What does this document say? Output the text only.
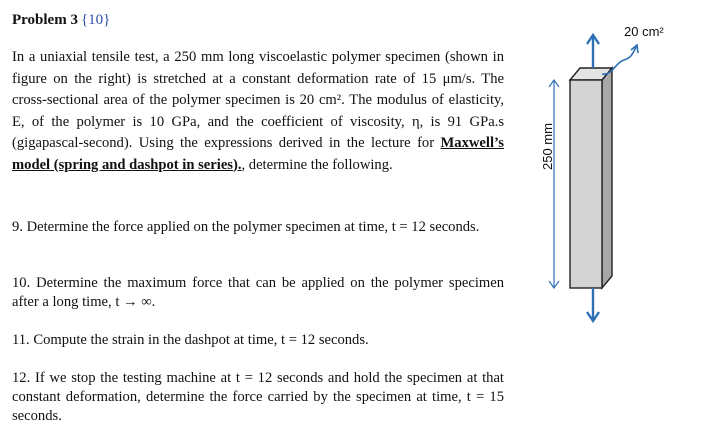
Problem 3 {10}
In a uniaxial tensile test, a 250 mm long viscoelastic polymer specimen (shown in figure on the right) is stretched at a constant deformation rate of 15 μm/s. The cross-sectional area of the polymer specimen is 20 cm². The modulus of elasticity, E, of the polymer is 10 GPa, and the coefficient of viscosity, η, is 91 GPa.s (gigapascal-second). Using the expressions derived in the lecture for Maxwell’s model (spring and dashpot in series)., determine the following.
9. Determine the force applied on the polymer specimen at time, t = 12 seconds.
10. Determine the maximum force that can be applied on the polymer specimen after a long time, t → ∞.
11. Compute the strain in the dashpot at time, t = 12 seconds.
12. If we stop the testing machine at t = 12 seconds and hold the specimen at that constant deformation, determine the force carried by the specimen at time, t = 15 seconds.
20 cm²
250 mm
